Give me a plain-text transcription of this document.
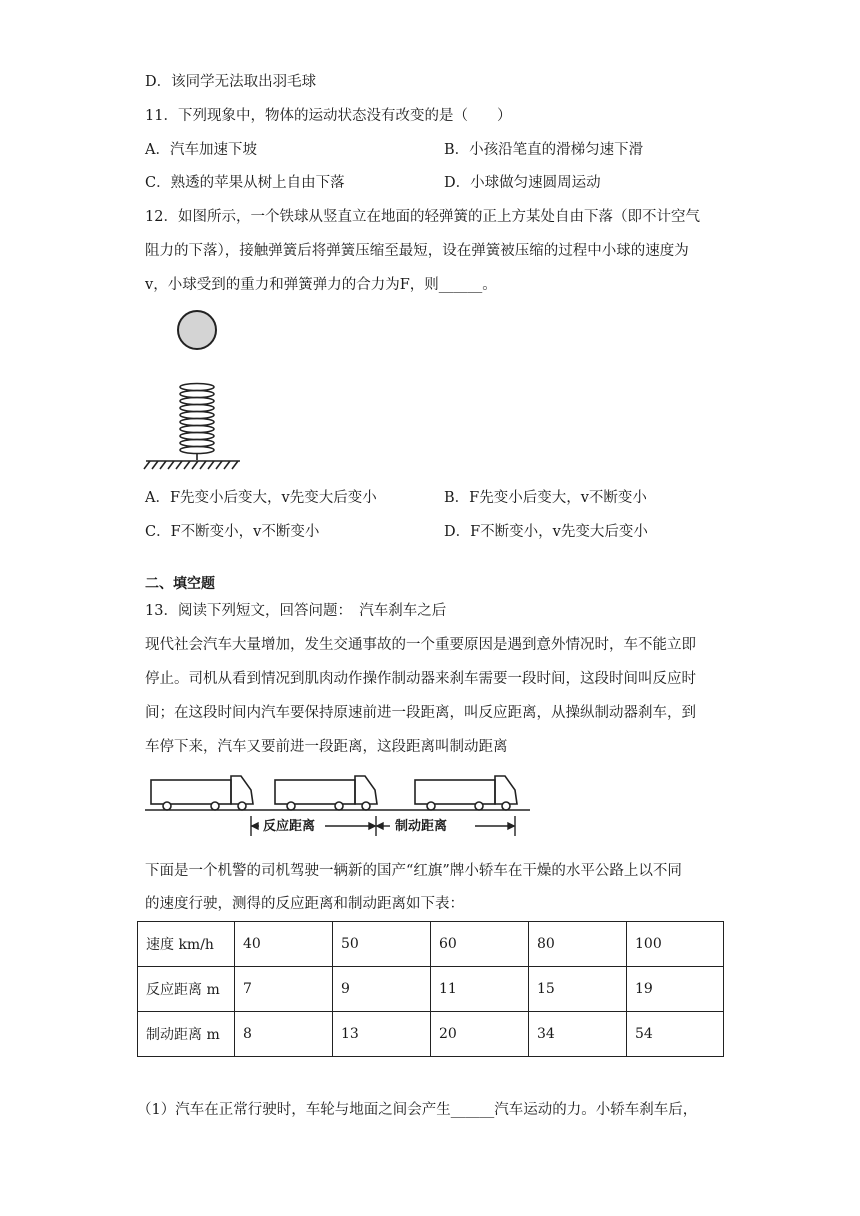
D．该同学无法取出羽毛球
11．下列现象中，物体的运动状态没有改变的是（　　）
A．汽车加速下坡	B．小孩沿笔直的滑梯匀速下滑
C．熟透的苹果从树上自由下落	D．小球做匀速圆周运动
12．如图所示，一个铁球从竖直立在地面的轻弹簧的正上方某处自由下落（即不计空气
阻力的下落），接触弹簧后将弹簧压缩至最短，设在弹簧被压缩的过程中小球的速度为
v，小球受到的重力和弹簧弹力的合力为F，则______。
A．F先变小后变大，v先变大后变小	B．F先变小后变大，v不断变小
C．F不断变小，v不断变小	D．F不断变小，v先变大后变小
二、填空题
13．阅读下列短文，回答问题：　汽车刹车之后
现代社会汽车大量增加，发生交通事故的一个重要原因是遇到意外情况时，车不能立即
停止。司机从看到情况到肌肉动作操作制动器来刹车需要一段时间，这段时间叫反应时
间；在这段时间内汽车要保持原速前进一段距离，叫反应距离，从操纵制动器刹车，到
车停下来，汽车又要前进一段距离，这段距离叫制动距离
反应距离	制动距离
下面是一个机警的司机驾驶一辆新的国产“红旗”牌小轿车在干燥的水平公路上以不同
的速度行驶，测得的反应距离和制动距离如下表：
速度 km/h	40	50	60	80	100
反应距离 m	7	9	11	15	19
制动距离 m	8	13	20	34	54
（1）汽车在正常行驶时，车轮与地面之间会产生______汽车运动的力。小轿车刹车后，
